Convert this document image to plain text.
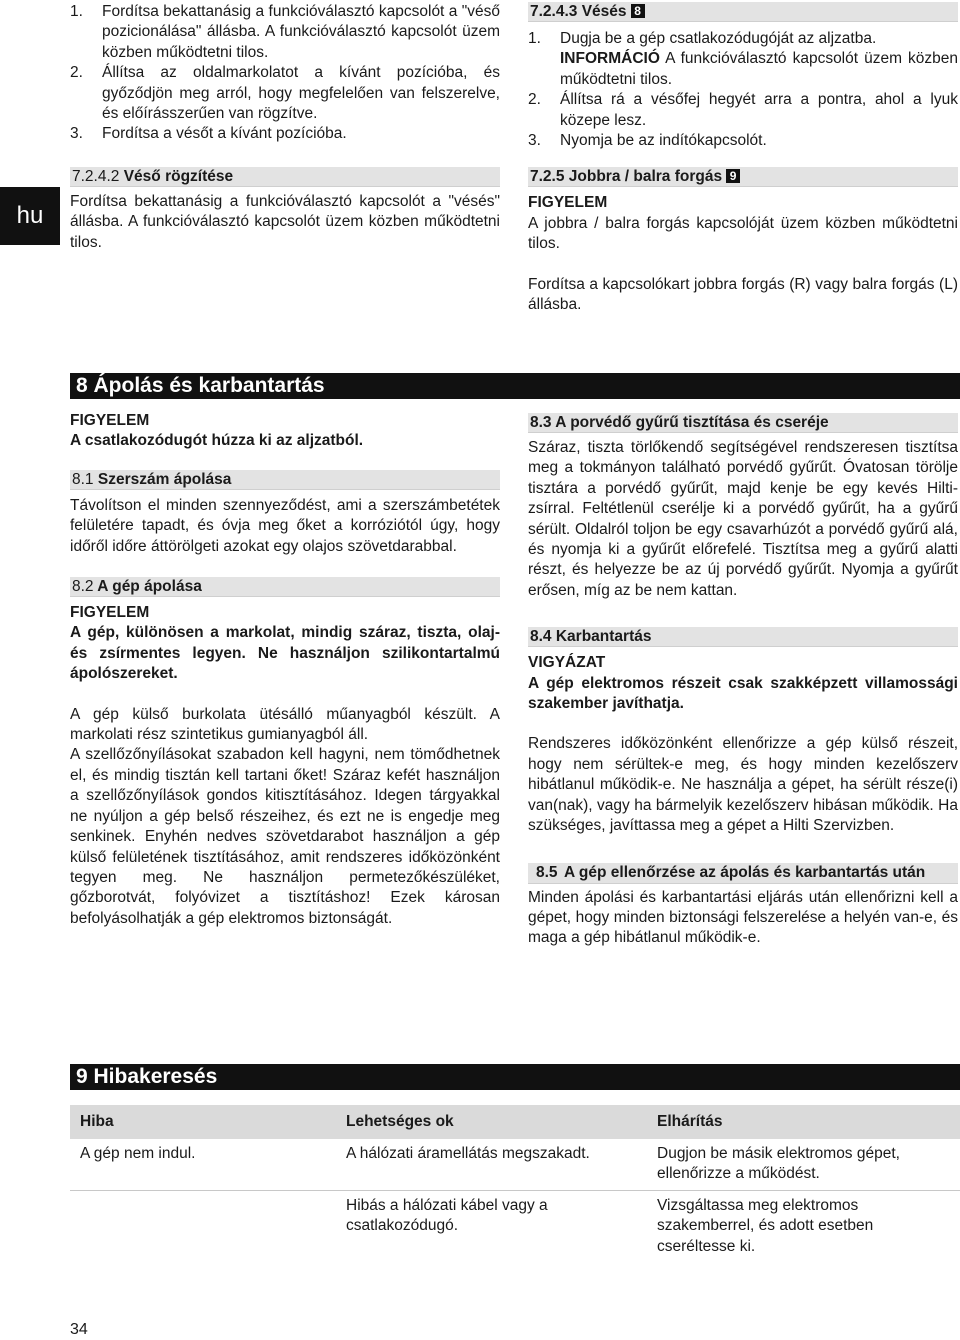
hu
1. Fordítsa bekattanásig a funkcióválasztó kapcsolót a "véső pozicionálása" állásba. A funkcióválasztó kapcsolót üzem közben működtetni tilos.
2. Állítsa az oldalmarkolatot a kívánt pozícióba, és győződjön meg arról, hogy megfelelően van felszerelve, és előírásszerűen van rögzítve.
3. Fordítsa a vésőt a kívánt pozícióba.
7.2.4.2 Véső rögzítése

Fordítsa bekattanásig a funkcióválasztó kapcsolót a "vésés" állásba. A funkcióválasztó kapcsolót üzem közben működtetni tilos.

7.2.4.3 Vésés 8
1. Dugja be a gép csatlakozódugóját az aljzatba.
INFORMÁCIÓ A funkcióválasztó kapcsolót üzem közben működtetni tilos.
2. Állítsa rá a vésőfej hegyét arra a pontra, ahol a lyuk közepe lesz.
3. Nyomja be az indítókapcsolót.
7.2.5 Jobbra / balra forgás 9

FIGYELEM

A jobbra / balra forgás kapcsolóját üzem közben működtetni tilos.

Fordítsa a kapcsolókart jobbra forgás (R) vagy balra forgás (L) állásba.

8 Ápolás és karbantartás

FIGYELEM

A csatlakozódugót húzza ki az aljzatból.

8.1 Szerszám ápolása

Távolítson el minden szennyeződést, ami a szerszámbetétek felületére tapadt, és óvja meg őket a korróziótól úgy, hogy időről időre áttörölgeti azokat egy olajos szövetdarabbal.

8.2 A gép ápolása

FIGYELEM

A gép, különösen a markolat, mindig száraz, tiszta, olaj- és zsírmentes legyen. Ne használjon szilikontartalmú ápolószereket.

A gép külső burkolata ütésálló műanyagból készült. A markolati rész szintetikus gumianyagból áll.

A szellőzőnyílásokat szabadon kell hagyni, nem tömődhetnek el, és mindig tisztán kell tartani őket! Száraz kefét használjon a szellőzőnyílások gondos kitisztításához. Idegen tárgyakkal ne nyúljon a gép belső részeihez, és ezt ne is engedje meg senkinek. Enyhén nedves szövetdarabot használjon a gép külső felületének tisztításához, amit rendszeres időközönként tegyen meg. Ne használjon permetezőkészüléket, gőzborotvát, folyóvizet a tisztításhoz! Ezek károsan befolyásolhatják a gép elektromos biztonságát.

8.3 A porvédő gyűrű tisztítása és cseréje

Száraz, tiszta törlőkendő segítségével rendszeresen tisztítsa meg a tokmányon található porvédő gyűrűt. Óvatosan törölje tisztára a porvédő gyűrűt, majd kenje be egy kevés Hilti-zsírral. Feltétlenül cserélje ki a porvédő gyűrűt, ha a gyűrű sérült. Oldalról toljon be egy csavarhúzót a porvédő gyűrű alá, és nyomja ki a gyűrűt előrefelé. Tisztítsa meg a gyűrű alatti részt, és helyezze be az új porvédő gyűrűt. Nyomja a gyűrűt erősen, míg az be nem kattan.

8.4 Karbantartás

VIGYÁZAT

A gép elektromos részeit csak szakképzett villamossági szakember javíthatja.

Rendszeres időközönként ellenőrizze a gép külső részeit, hogy nem sérültek-e meg, és hogy minden kezelőszerv hibátlanul működik-e. Ne használja a gépet, ha sérült része(i) van(nak), vagy ha bármelyik kezelőszerv hibásan működik. Ha szükséges, javíttassa meg a gépet a Hilti Szervizben.

8.5 A gép ellenőrzése az ápolás és karbantartás után

Minden ápolási és karbantartási eljárás után ellenőrizni kell a gépet, hogy minden biztonsági felszerelése a helyén van-e, és maga a gép hibátlanul működik-e.

9 Hibakeresés
Hiba	Lehetséges ok	Elhárítás
A gép nem indul.	A hálózati áramellátás megszakadt.	Dugjon be másik elektromos gépet, ellenőrizze a működést.
	Hibás a hálózati kábel vagy a csatlakozódugó.	Vizsgáltassa meg elektromos szakemberrel, és adott esetben cseréltesse ki.
34
